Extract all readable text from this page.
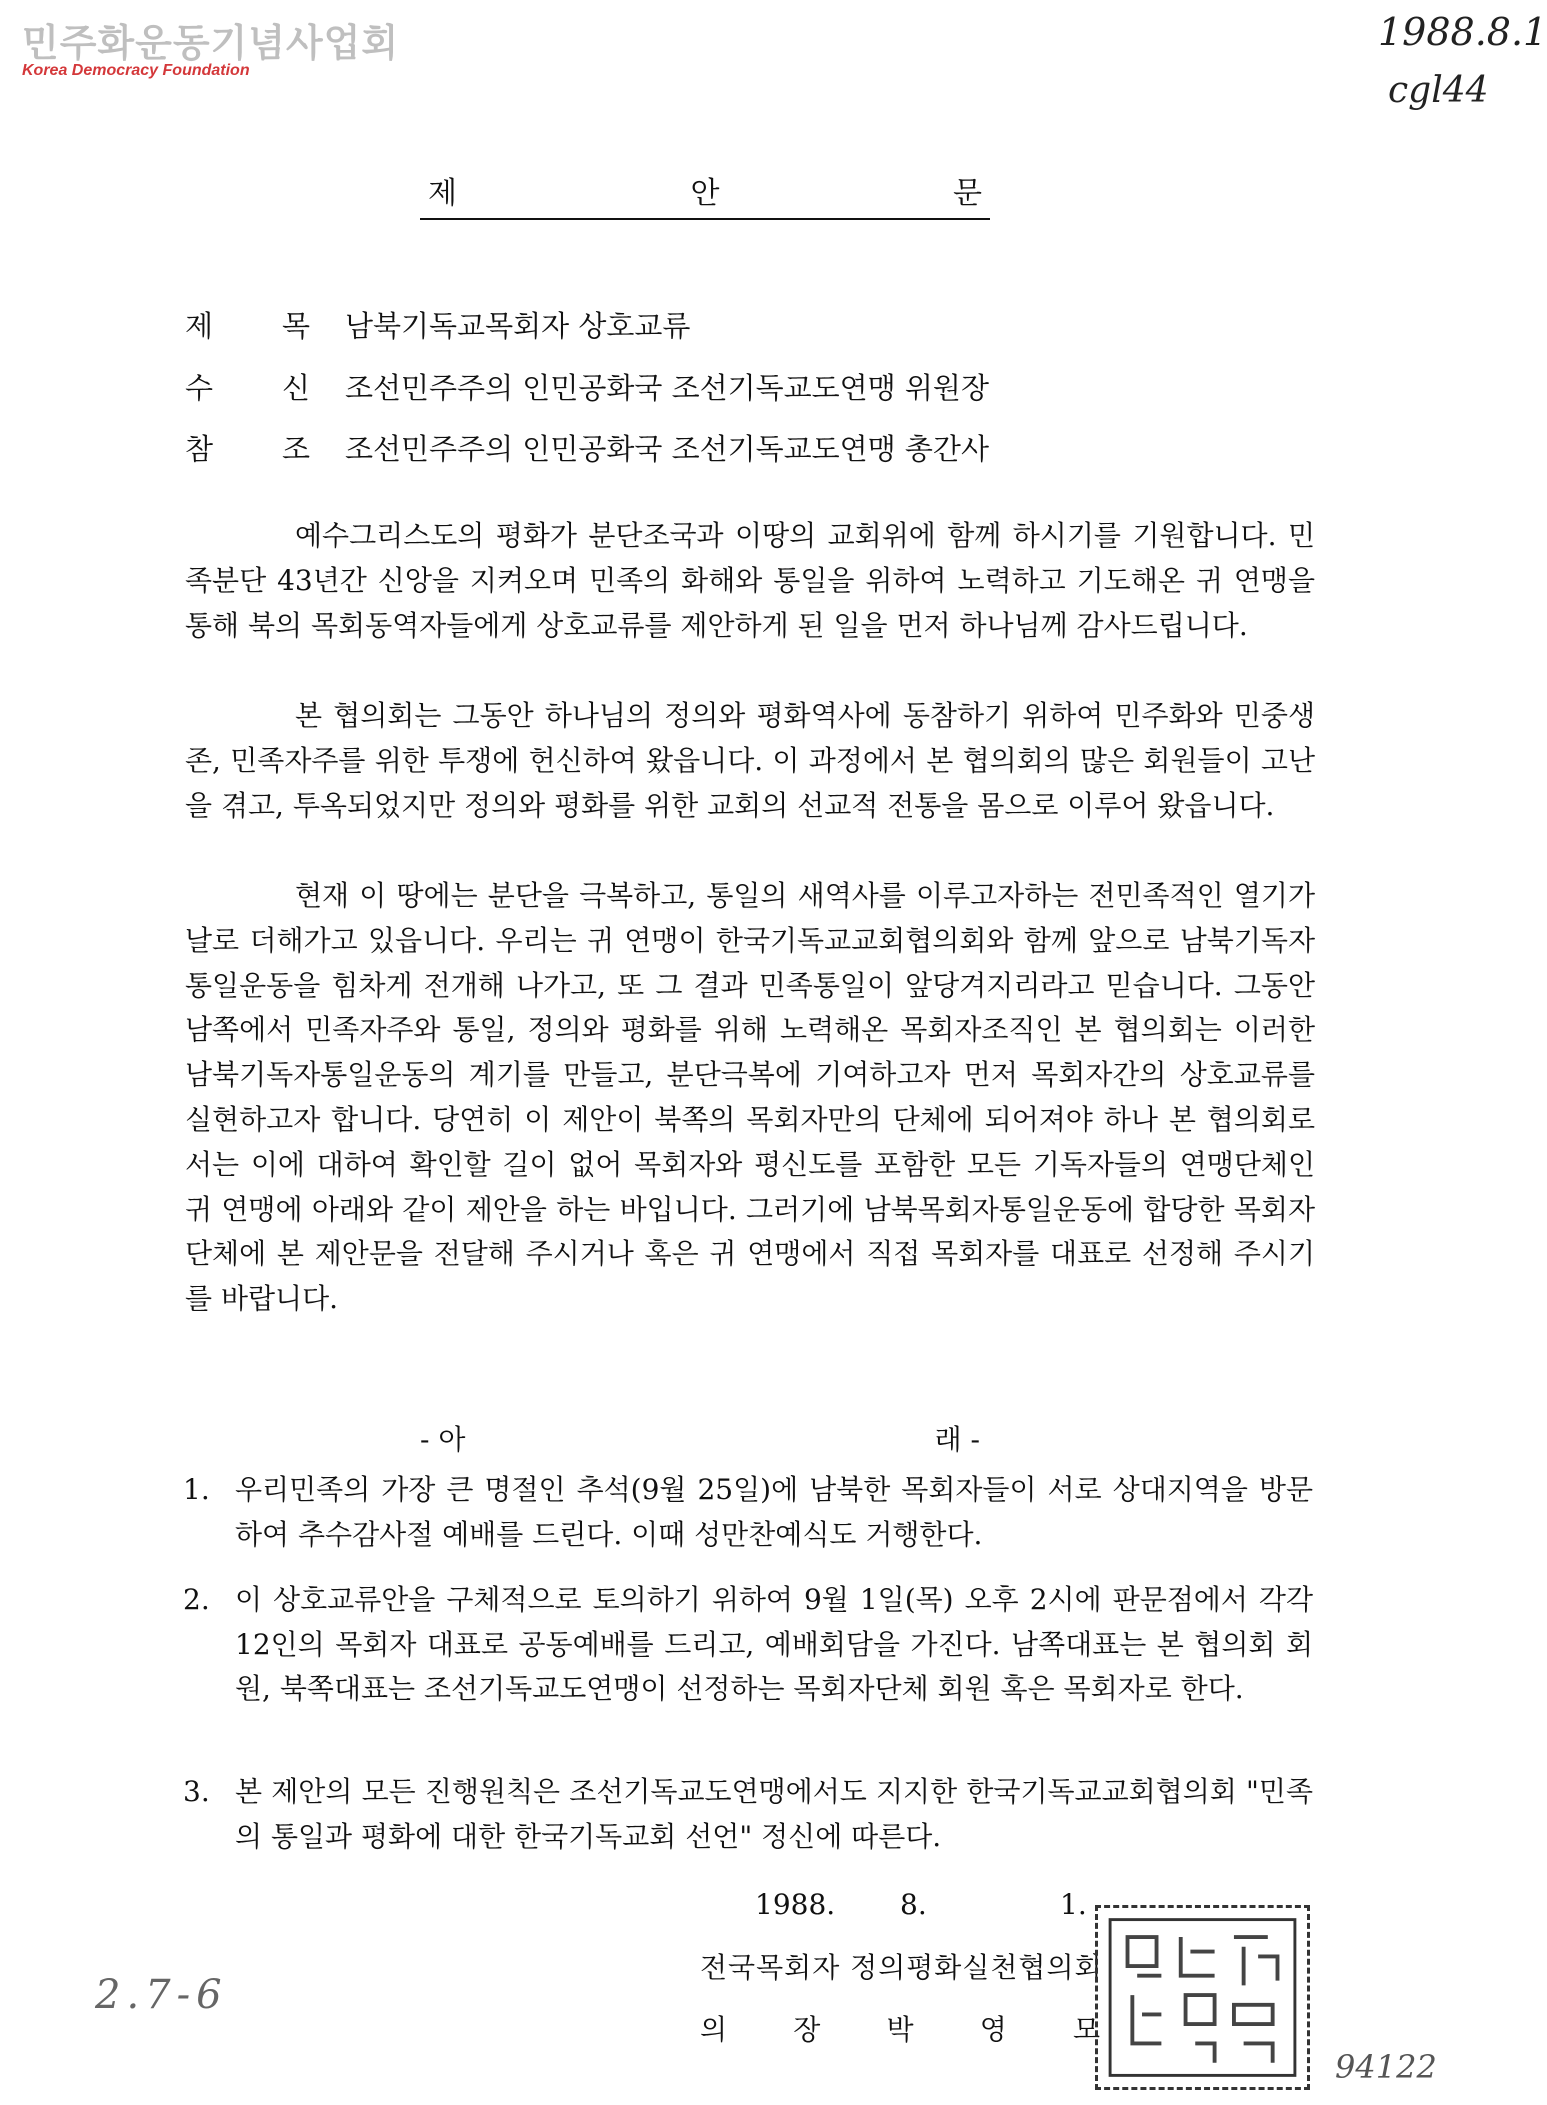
민주화운동기념사업회
Korea Democracy Foundation
1988.8.1
cgl44
제	안	문
제 목 남북기독교목회자 상호교류
수 신 조선민주주의 인민공화국 조선기독교도연맹 위원장
참 조 조선민주주의 인민공화국 조선기독교도연맹 총간사
예수그리스도의 평화가 분단조국과 이땅의 교회위에 함께 하시기를 기원합니다. 민족분단 43년간 신앙을 지켜오며 민족의 화해와 통일을 위하여 노력하고 기도해온 귀 연맹을 통해 북의 목회동역자들에게 상호교류를 제안하게 된 일을 먼저 하나님께 감사드립니다.
본 협의회는 그동안 하나님의 정의와 평화역사에 동참하기 위하여 민주화와 민중생존, 민족자주를 위한 투쟁에 헌신하여 왔읍니다. 이 과정에서 본 협의회의 많은 회원들이 고난을 겪고, 투옥되었지만 정의와 평화를 위한 교회의 선교적 전통을 몸으로 이루어 왔읍니다.
현재 이 땅에는 분단을 극복하고, 통일의 새역사를 이루고자하는 전민족적인 열기가 날로 더해가고 있읍니다. 우리는 귀 연맹이 한국기독교교회협의회와 함께 앞으로 남북기독자통일운동을 힘차게 전개해 나가고, 또 그 결과 민족통일이 앞당겨지리라고 믿습니다. 그동안 남쪽에서 민족자주와 통일, 정의와 평화를 위해 노력해온 목회자조직인 본 협의회는 이러한 남북기독자통일운동의 계기를 만들고, 분단극복에 기여하고자 먼저 목회자간의 상호교류를 실현하고자 합니다. 당연히 이 제안이 북쪽의 목회자만의 단체에 되어져야 하나 본 협의회로서는 이에 대하여 확인할 길이 없어 목회자와 평신도를 포함한 모든 기독자들의 연맹단체인 귀 연맹에 아래와 같이 제안을 하는 바입니다. 그러기에 남북목회자통일운동에 합당한 목회자단체에 본 제안문을 전달해 주시거나 혹은 귀 연맹에서 직접 목회자를 대표로 선정해 주시기를 바랍니다.
- 아	래 -
1. 우리민족의 가장 큰 명절인 추석(9월 25일)에 남북한 목회자들이 서로 상대지역을 방문하여 추수감사절 예배를 드린다. 이때 성만찬예식도 거행한다.
2. 이 상호교류안을 구체적으로 토의하기 위하여 9월 1일(목) 오후 2시에 판문점에서 각각 12인의 목회자 대표로 공동예배를 드리고, 예배회담을 가진다. 남쪽대표는 본 협의회 회원, 북쪽대표는 조선기독교도연맹이 선정하는 목회자단체 회원 혹은 목회자로 한다.
3. 본 제안의 모든 진행원칙은 조선기독교도연맹에서도 지지한 한국기독교교회협의회 "민족의 통일과 평화에 대한 한국기독교회 선언" 정신에 따른다.
1988. 8.	1.
전국목회자 정의평화실천협의회
의 장 박 영 모
2.7-6
94122
